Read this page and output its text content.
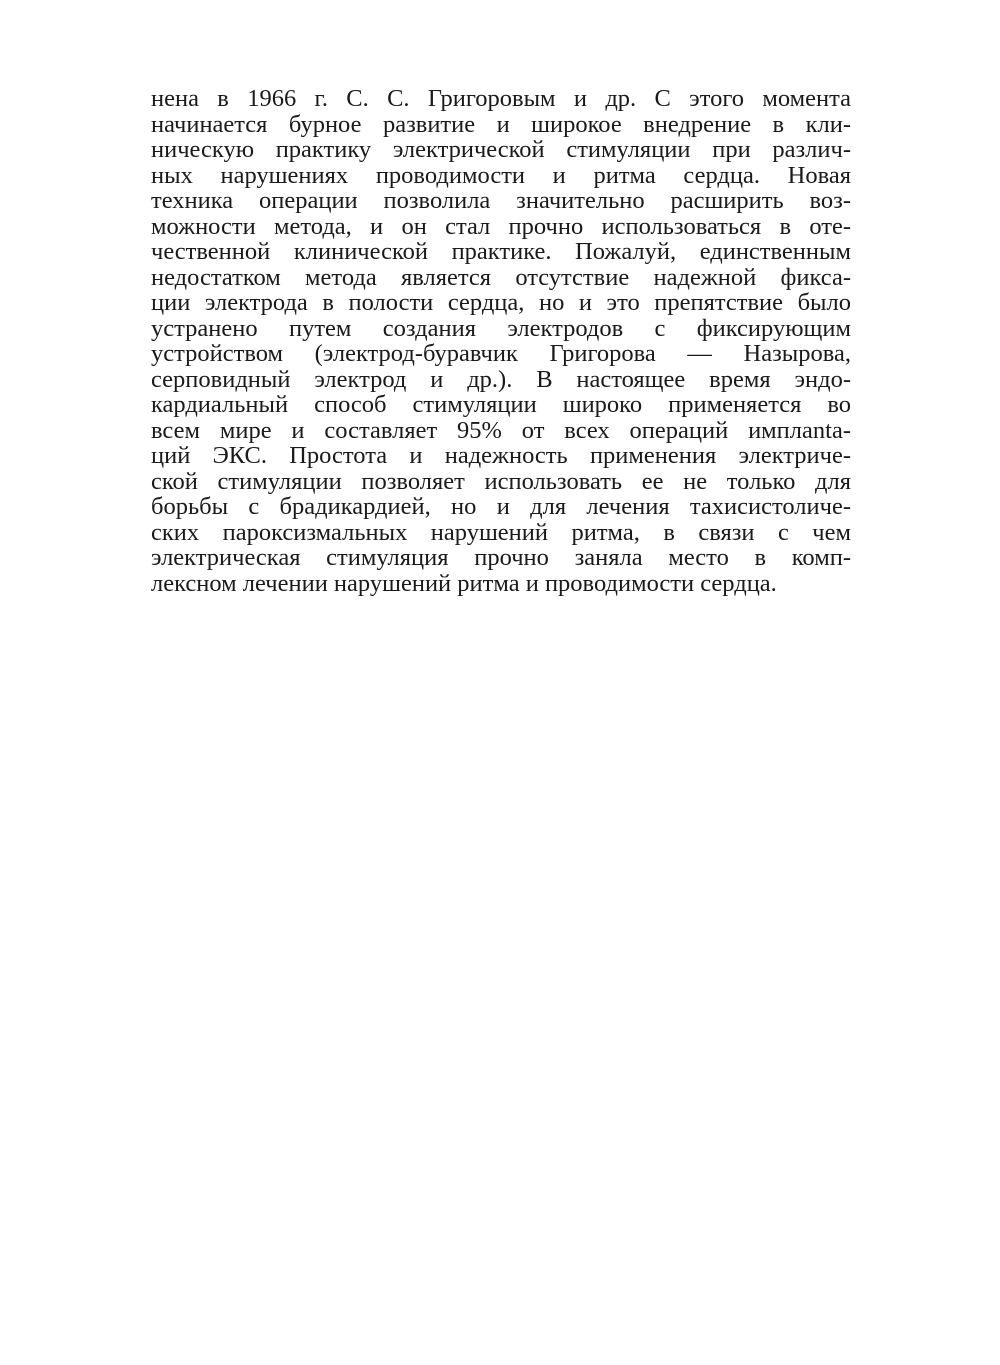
нена в 1966 г. С. С. Григоровым и др. С этого момента
начинается бурное развитие и широкое внедрение в кли-
ническую практику электрической стимуляции при различ-
ных нарушениях проводимости и ритма сердца. Новая
техника операции позволила значительно расширить воз-
можности метода, и он стал прочно использоваться в оте-
чественной клинической практике. Пожалуй, единственным
недостатком метода является отсутствие надежной фикса-
ции электрода в полости сердца, но и это препятствие было
устранено путем создания электродов с фиксирующим
устройством (электрод-буравчик Григорова — Назырова,
серповидный электрод и др.). В настоящее время эндо-
кардиальный способ стимуляции широко применяется во
всем мире и составляет 95% от всех операций имплanta-
ций ЭКС. Простота и надежность применения электриче-
ской стимуляции позволяет использовать ее не только для
борьбы с брадикардией, но и для лечения тахисистоличе-
ских пароксизмальных нарушений ритма, в связи с чем
электрическая стимуляция прочно заняла место в комп-
лексном лечении нарушений ритма и проводимости сердца.
